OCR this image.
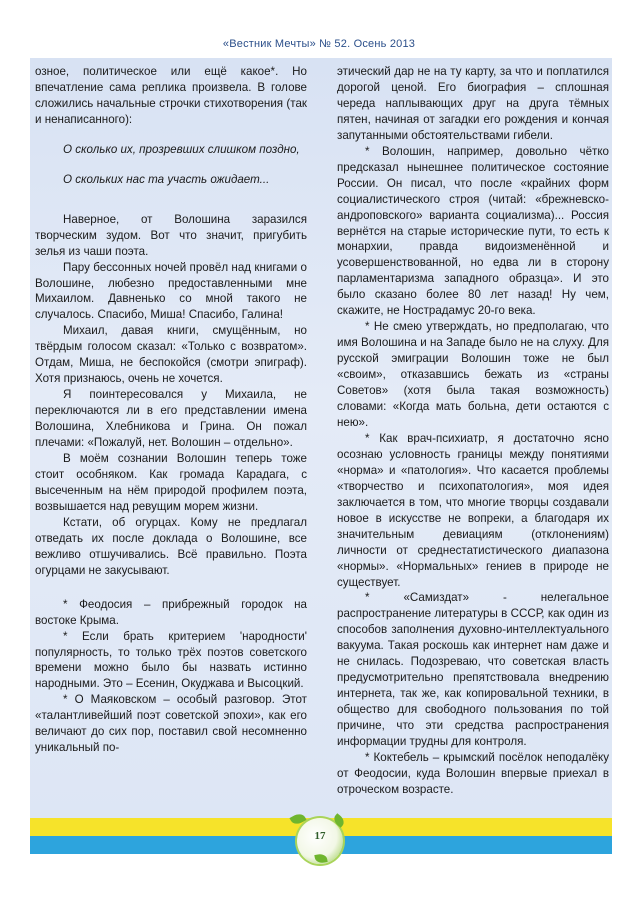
«Вестник Мечты» № 52. Осень 2013

озное, политическое или ещё какое*. Но впечатление сама реплика произвела. В голове сложились начальные строчки стихотворения (так и ненаписанного):

О сколько их, прозревших слишком поздно,

О скольких нас та участь ожидает...

Наверное, от Волошина заразился творческим зудом. Вот что значит, пригубить зелья из чаши поэта.

Пару бессонных ночей провёл над книгами о Волошине, любезно предоставленными мне Михаилом. Давненько со мной такого не случалось. Спасибо, Миша! Спасибо, Галина!

Михаил, давая книги, смущённым, но твёрдым голосом сказал: «Только с возвратом». Отдам, Миша, не беспокойся (смотри эпиграф). Хотя признаюсь, очень не хочется.

Я поинтересовался у Михаила, не переключаются ли в его представлении имена Волошина, Хлебникова и Грина. Он пожал плечами: «Пожалуй, нет. Волошин – отдельно».

В моём сознании Волошин теперь тоже стоит особняком. Как громада Карадага, с высеченным на нём природой профилем поэта, возвышается над ревущим морем жизни.

Кстати, об огурцах. Кому не предлагал отведать их после доклада о Волошине, все вежливо отшучивались. Всё правильно. Поэта огурцами не закусывают.

* Феодосия – прибрежный городок на востоке Крыма.

* Если брать критерием 'народности' популярность, то только трёх поэтов советского времени можно было бы назвать истинно народными. Это – Есенин, Окуджава и Высоцкий.

* О Маяковском – особый разговор. Этот «талантливейший поэт советской эпохи», как его величают до сих пор, поставил свой несомненно уникальный по-

этический дар не на ту карту, за что и поплатился дорогой ценой. Его биография – сплошная череда наплывающих друг на друга тёмных пятен, начиная от загадки его рождения и кончая запутанными обстоятельствами гибели.

* Волошин, например, довольно чётко предсказал нынешнее политическое состояние России. Он писал, что после «крайних форм социалистического строя (читай: «брежневско-андроповского» варианта социализма)... Россия вернётся на старые исторические пути, то есть к монархии, правда видоизменённой и усовершенствованной, но едва ли в сторону парламентаризма западного образца». И это было сказано более 80 лет назад! Ну чем, скажите, не Нострадамус 20-го века.

* Не смею утверждать, но предполагаю, что имя Волошина и на Западе было не на слуху. Для русской эмиграции Волошин тоже не был «своим», отказавшись бежать из «страны Советов» (хотя была такая возможность) словами: «Когда мать больна, дети остаются с нею».

* Как врач-психиатр, я достаточно ясно осознаю условность границы между понятиями «норма» и «патология». Что касается проблемы «творчество и психопатология», моя идея заключается в том, что многие творцы создавали новое в искусстве не вопреки, а благодаря их значительным девиациям (отклонениям) личности от среднестатистического диапазона «нормы». «Нормальных» гениев в природе не существует.

* «Самиздат» - нелегальное распространение литературы в СССР, как один из способов заполнения духовно-интеллектуального вакуума. Такая роскошь как интернет нам даже и не снилась. Подозреваю, что советская власть предусмотрительно препятствовала внедрению интернета, так же, как копировальной техники, в общество для свободного пользования по той причине, что эти средства распространения информации трудны для контроля.

* Коктебель – крымский посёлок неподалёку от Феодосии, куда Волошин впервые приехал в отроческом возрасте.

17
